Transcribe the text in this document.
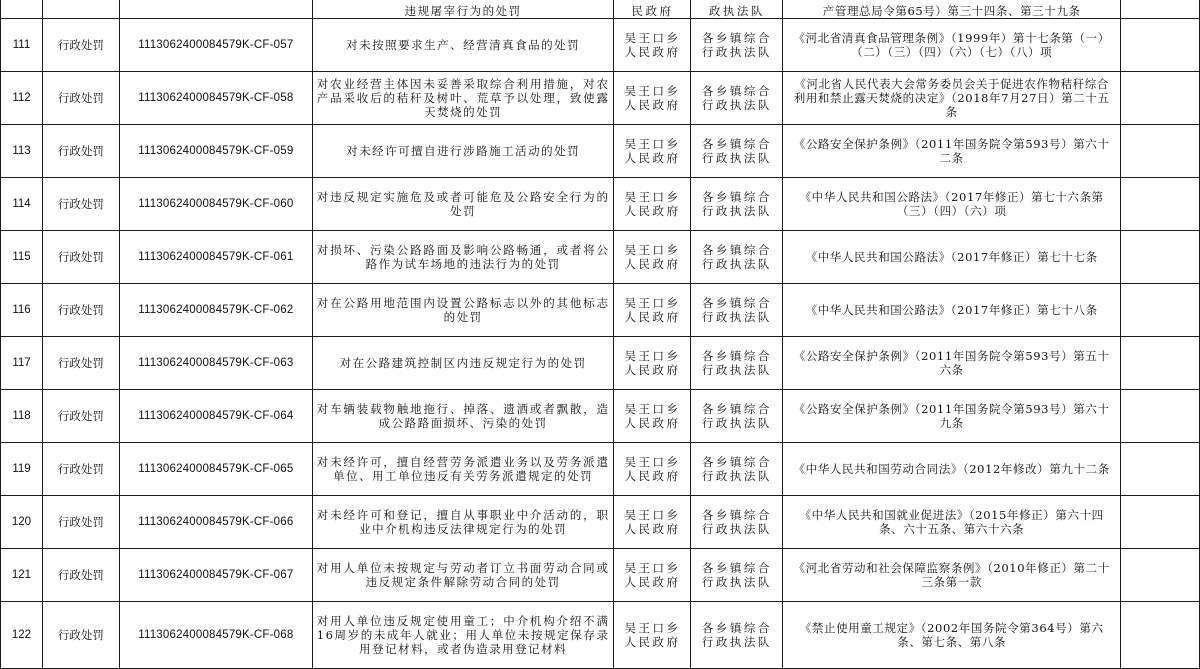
			违规屠宰行为的处罚	民政府	政执法队	产管理总局令第65号）第三十四条、第三十九条	
111	行政处罚	1113062400084579K-CF-057	对未按照要求生产、经营清真食品的处罚	吴王口乡人民政府	各乡镇综合行政执法队	《河北省清真食品管理条例》（1999年）第十七条第（一）（二）（三）（四）（六）（七）（八）项	
112	行政处罚	1113062400084579K-CF-058	对农业经营主体因未妥善采取综合利用措施，对农产品采收后的秸秆及树叶、荒草予以处理，致使露天焚烧的处罚	吴王口乡人民政府	各乡镇综合行政执法队	《河北省人民代表大会常务委员会关于促进农作物秸秆综合利用和禁止露天焚烧的决定》（2018年7月27日）第二十五条	
113	行政处罚	1113062400084579K-CF-059	对未经许可擅自进行涉路施工活动的处罚	吴王口乡人民政府	各乡镇综合行政执法队	《公路安全保护条例》（2011年国务院令第593号）第六十二条	
114	行政处罚	1113062400084579K-CF-060	对违反规定实施危及或者可能危及公路安全行为的处罚	吴王口乡人民政府	各乡镇综合行政执法队	《中华人民共和国公路法》（2017年修正）第七十六条第（三）（四）（六）项	
115	行政处罚	1113062400084579K-CF-061	对损坏、污染公路路面及影响公路畅通，或者将公路作为试车场地的违法行为的处罚	吴王口乡人民政府	各乡镇综合行政执法队	《中华人民共和国公路法》（2017年修正）第七十七条	
116	行政处罚	1113062400084579K-CF-062	对在公路用地范围内设置公路标志以外的其他标志的处罚	吴王口乡人民政府	各乡镇综合行政执法队	《中华人民共和国公路法》（2017年修正）第七十八条	
117	行政处罚	1113062400084579K-CF-063	对在公路建筑控制区内违反规定行为的处罚	吴王口乡人民政府	各乡镇综合行政执法队	《公路安全保护条例》（2011年国务院令第593号）第五十六条	
118	行政处罚	1113062400084579K-CF-064	对车辆装载物触地拖行、掉落、遗洒或者飘散，造成公路路面损坏、污染的处罚	吴王口乡人民政府	各乡镇综合行政执法队	《公路安全保护条例》（2011年国务院令第593号）第六十九条	
119	行政处罚	1113062400084579K-CF-065	对未经许可，擅自经营劳务派遣业务以及劳务派遣单位、用工单位违反有关劳务派遣规定的处罚	吴王口乡人民政府	各乡镇综合行政执法队	《中华人民共和国劳动合同法》（2012年修改）第九十二条	
120	行政处罚	1113062400084579K-CF-066	对未经许可和登记，擅自从事职业中介活动的，职业中介机构违反法律规定行为的处罚	吴王口乡人民政府	各乡镇综合行政执法队	《中华人民共和国就业促进法》（2015年修正）第六十四条、六十五条、第六十六条	
121	行政处罚	1113062400084579K-CF-067	对用人单位未按规定与劳动者订立书面劳动合同或违反规定条件解除劳动合同的处罚	吴王口乡人民政府	各乡镇综合行政执法队	《河北省劳动和社会保障监察条例》（2010年修正）第二十三条第一款	
122	行政处罚	1113062400084579K-CF-068	对用人单位违反规定使用童工；中介机构介绍不满16周岁的未成年人就业；用人单位未按规定保存录用登记材料，或者伪造录用登记材料	吴王口乡人民政府	各乡镇综合行政执法队	《禁止使用童工规定》（2002年国务院令第364号）第六条、第七条、第八条	
